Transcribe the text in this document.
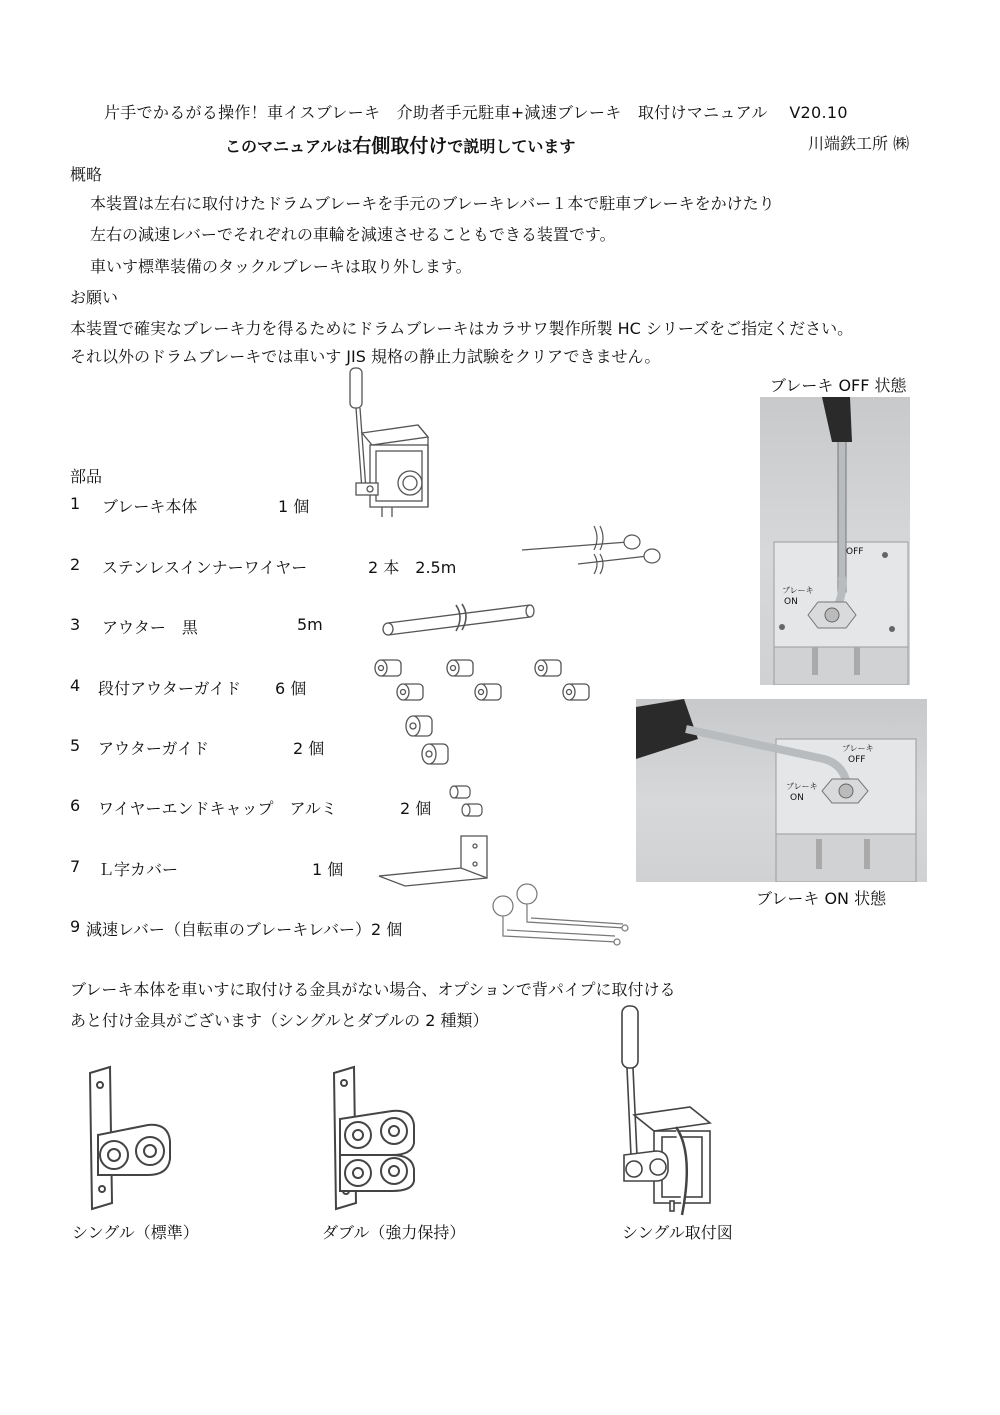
片手でかるがる操作！車イスブレーキ　介助者手元駐車+減速ブレーキ　取付けマニュアル　 V20.10
このマニュアルは右側取付けで説明しています	川端鉄工所 ㈱
概略
本装置は左右に取付けたドラムブレーキを手元のブレーキレバー１本で駐車ブレーキをかけたり
左右の減速レバーでそれぞれの車輪を減速させることもできる装置です。
車いす標準装備のタックルブレーキは取り外します。
お願い
本装置で確実なブレーキ力を得るためにドラムブレーキはカラサワ製作所製 HC シリーズをご指定ください。
それ以外のドラムブレーキでは車いす JIS 規格の静止力試験をクリアできません。
ブレーキ OFF 状態
部品
1 ブレーキ本体	1 個
2 ステンレスインナーワイヤー	2 本　2.5m
3 アウター　黒	5m
4 段付アウターガイド 6 個
5 アウターガイド	2 個
6 ワイヤーエンドキャップ　アルミ	2 個
7 Ｌ字カバー	1 個
9 減速レバー（自転車のブレーキレバー）2 個
OFF
ブレーキ
ON
ブレーキ
OFF
ブレーキ
ON
ブレーキ ON 状態
ブレーキ本体を車いすに取付ける金具がない場合、オプションで背パイプに取付ける
あと付け金具がございます（シングルとダブルの 2 種類）
シングル（標準）	ダブル（強力保持）	シングル取付図
